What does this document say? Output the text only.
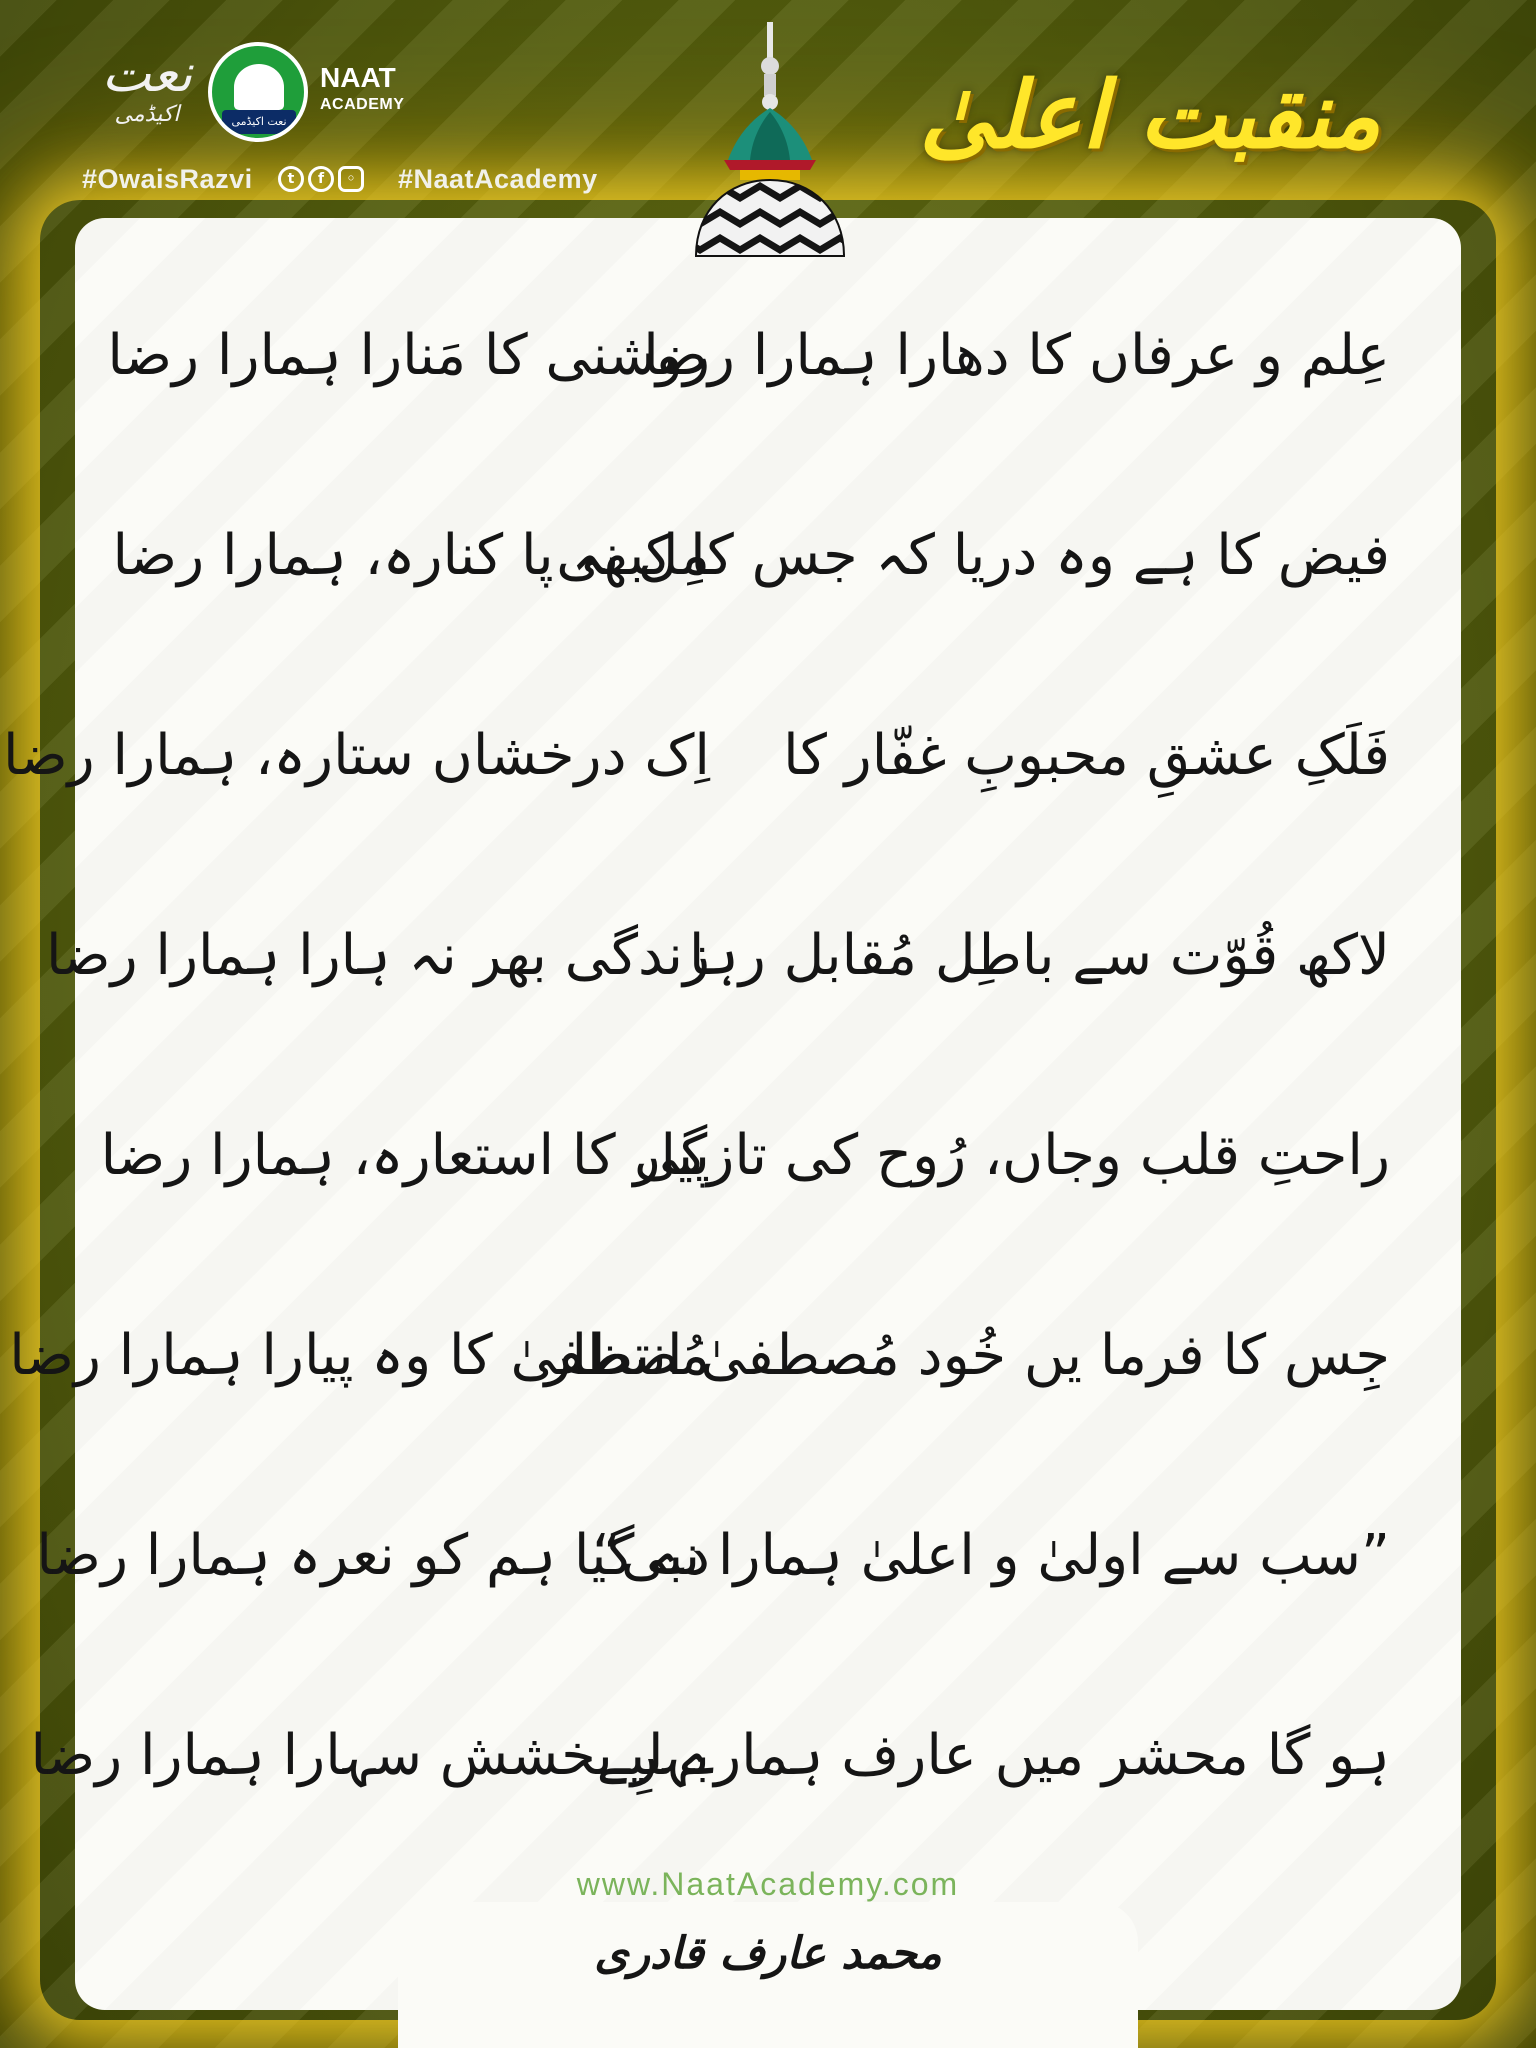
نعت
اکیڈمی	نعت اکیڈمی
NAAT
ACADEMY
#OwaisRazvi	t	f	◦	#NaatAcademy
منقبت اعلیٰ
عِلم و عرفاں کا دھارا ہمارا رضا
روشنی کا مَنارا ہمارا رضا
فیض کا ہے وہ دریا کہ جس کا کبھی
مِل نہ پا کنارہ، ہمارا رضا
فَلَکِ عشقِ محبوبِ غفّار کا
اِک درخشاں ستارہ، ہمارا رضا
لاکھ قُوّت سے باطِل مُقابل رہا
زندگی بھر نہ ہارا ہمارا رضا
راحتِ قلب وجاں، رُوح کی تازگی
پیار کا استعارہ، ہمارا رضا
جِس کا فرما یں خُود مُصطفیٰ انتظار
مُصطفیٰ کا وہ پیارا ہمارا رضا
”سب سے اولیٰ و اعلیٰ ہمارا نبی“
دے گیا ہم کو نعرہ ہمارا رضا
ہو گا محشر میں عارف ہمارے لیے
بہرِ بخشش سہارا ہمارا رضا
www.NaatAcademy.com
محمد عارف قادری
